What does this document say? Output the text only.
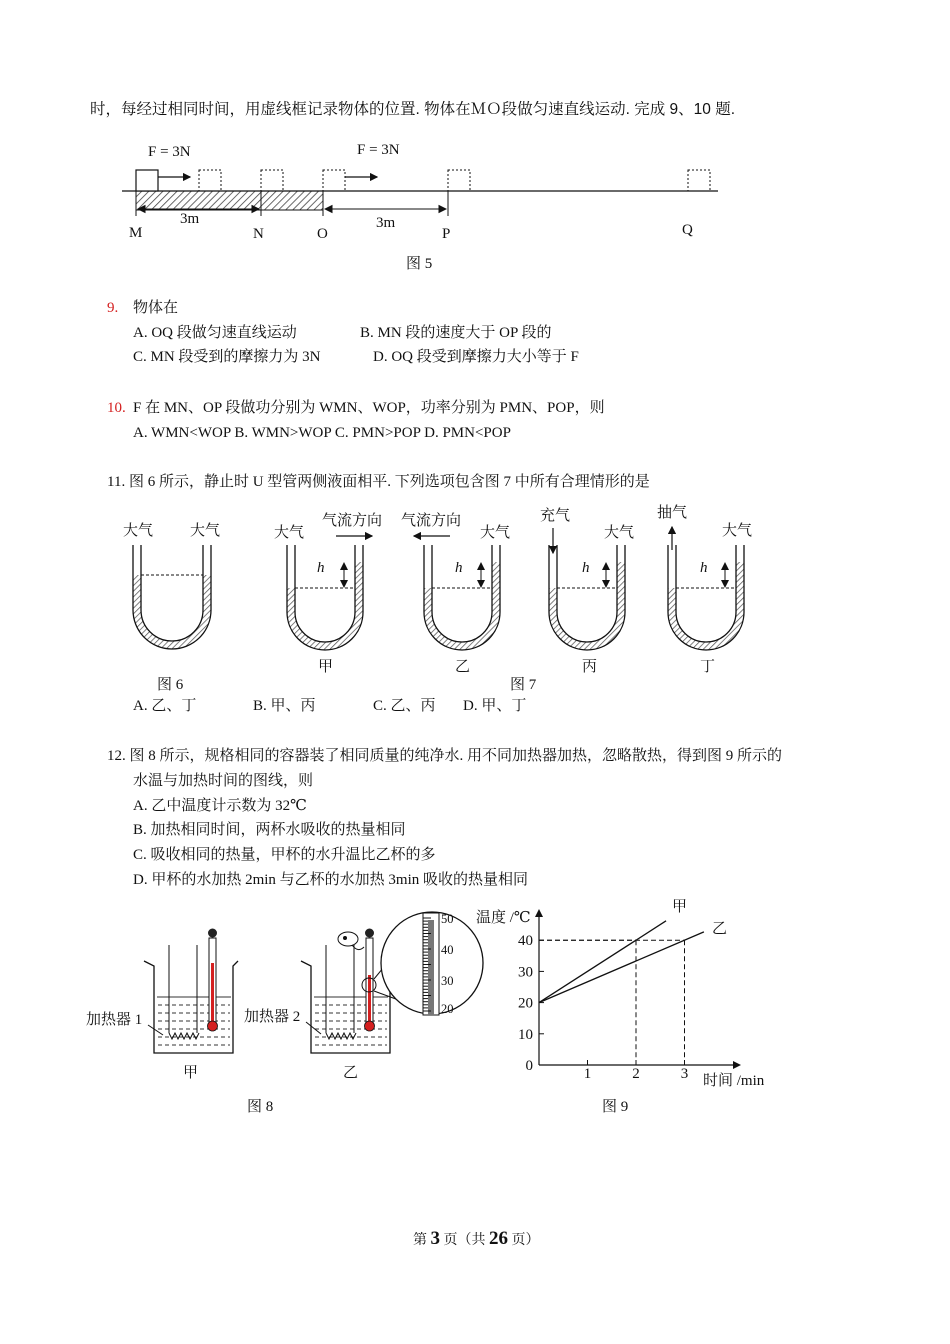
时，每经过相同时间，用虚线框记录物体的位置. 物体在ＭＯ段做匀速直线运动. 完成 9、10 题.
F = 3N	F = 3N
3m	3m
M	N	O	P	Q
图 5
9. 物体在
A. OQ 段做匀速直线运动	B. MN 段的速度大于 OP 段的
C. MN 段受到的摩擦力为 3N	D. OQ 段受到摩擦力大小等于 F
10. F 在 MN、OP 段做功分别为 WMN、WOP，功率分别为 PMN、POP，则
A. WMN<WOP B. WMN>WOP C. PMN>POP D. PMN<POP
11. 图 6 所示，静止时 U 型管两侧液面相平. 下列选项包含图 7 中所有合理情形的是
大气 大气	大气
气流方向
h
甲
气流方向
大气
h
乙
充气
大气
h
丙
抽气
大气
h
丁
图 6	图 7
A. 乙、丁	B. 甲、丙	C. 乙、丙 D. 甲、丁
12. 图 8 所示，规格相同的容器装了相同质量的纯净水. 用不同加热器加热，忽略散热，得到图 9 所示的
水温与加热时间的图线，则
A. 乙中温度计示数为 32℃
B. 加热相同时间，两杯水吸收的热量相同
C. 吸收相同的热量，甲杯的水升温比乙杯的多
D. 甲杯的水加热 2min 与乙杯的水加热 3min 吸收的热量相同
加热器 1
甲
加热器 2
乙
50
40
30
20
图 8
0
10
20
30
40
1	2	3
甲
乙
温度 /℃
时间 /min
图 9
第 3 页（共 26 页）
